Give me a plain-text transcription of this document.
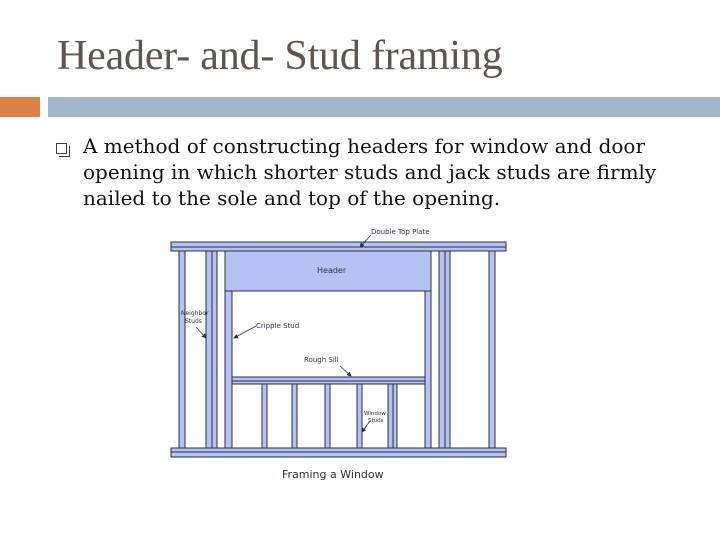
Header- and- Stud framing

A method of constructing headers for window and door opening in which shorter studs and jack studs are firmly nailed to the sole and top of the opening.

Double Top Plate
Header
Neighbor
Studs
Cripple Stud
Rough Sill
Window
Studs
Framing a Window
